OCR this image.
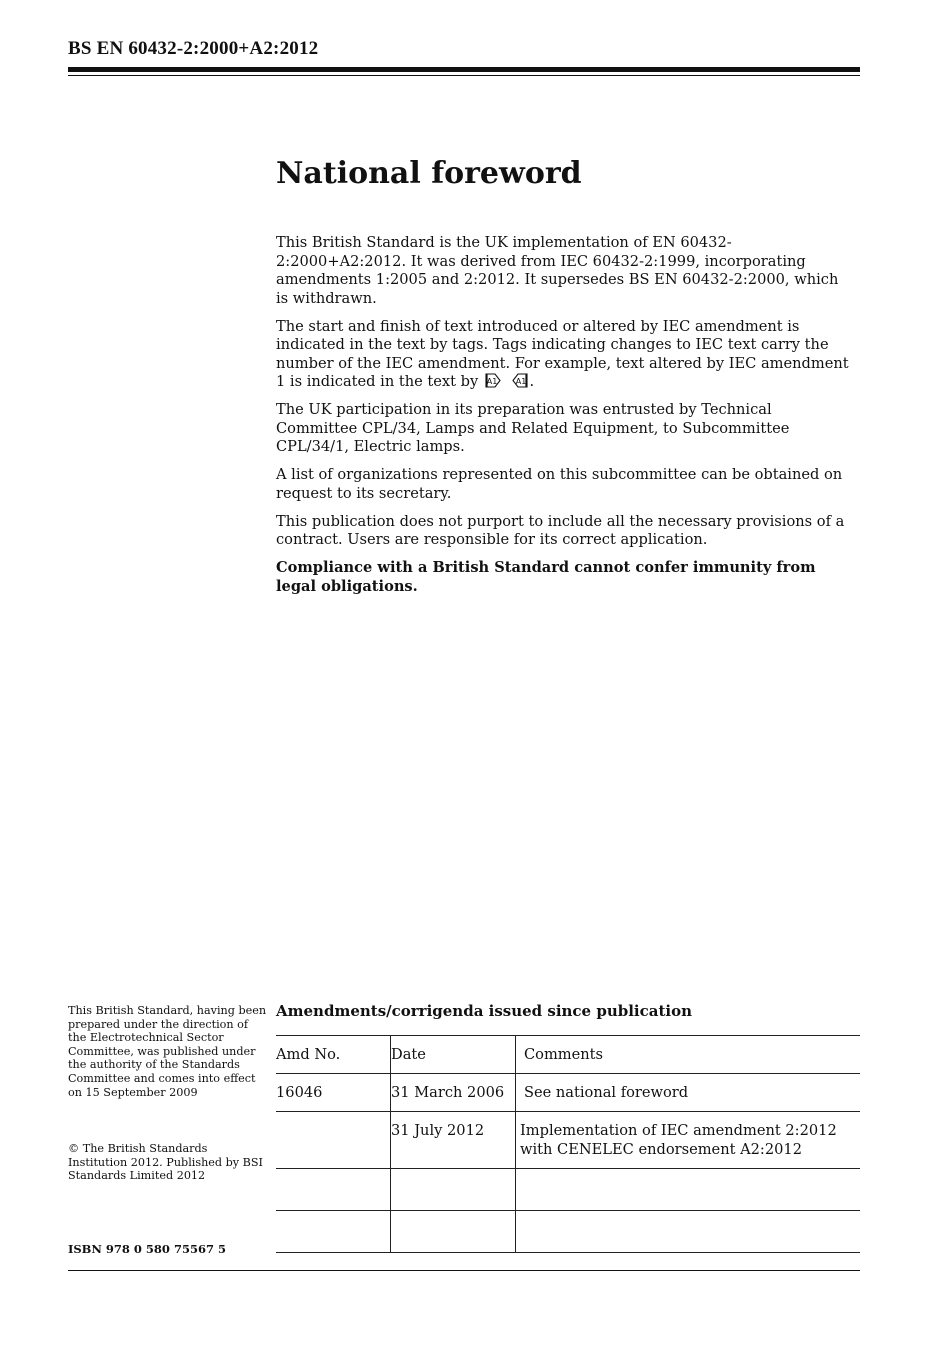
BS EN 60432-2:2000+A2:2012
National foreword

This British Standard is the UK implementation of EN 60432-2:2000+A2:2012. It was derived from IEC 60432-2:1999, incorporating amendments 1:2005 and 2:2012. It supersedes BS EN 60432-2:2000, which is withdrawn.

The start and finish of text introduced or altered by IEC amendment is indicated in the text by tags. Tags indicating changes to IEC text carry the number of the IEC amendment. For example, text altered by IEC amendment 1 is indicated in the text by A1
A1 .

The UK participation in its preparation was entrusted by Technical Committee CPL/34, Lamps and Related Equipment, to Subcommittee CPL/34/1, Electric lamps.

A list of organizations represented on this subcommittee can be obtained on request to its secretary.

This publication does not purport to include all the necessary provisions of a contract. Users are responsible for its correct application.

Compliance with a British Standard cannot confer immunity from legal obligations.

This British Standard, having been prepared under the direction of the Electrotechnical Sector Committee, was published under the authority of the Standards Committee and comes into effect on 15 September 2009

© The British Standards Institution 2012. Published by BSI Standards Limited 2012
ISBN 978 0 580 75567 5
Amendments/corrigenda issued since publication
Amd No.	Date	Comments
16046	31 March 2006	See national foreword
	31 July 2012	Implementation of IEC amendment 2:2012 with CENELEC endorsement A2:2012
